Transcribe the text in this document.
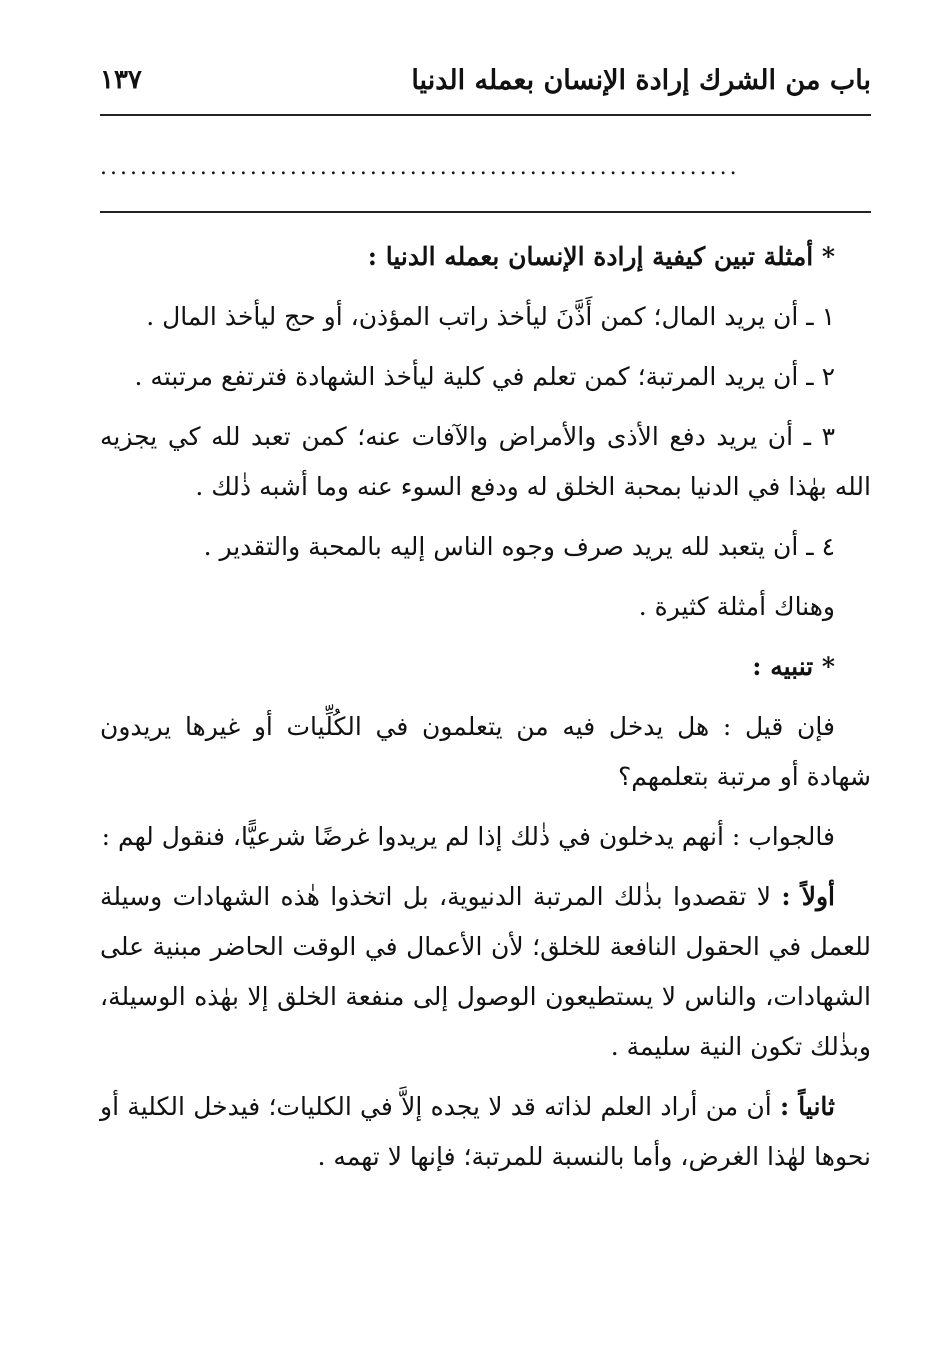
باب من الشرك إرادة الإنسان بعمله الدنيا
١٣٧
................................................................

* أمثلة تبين كيفية إرادة الإنسان بعمله الدنيا :

١ ـ أن يريد المال؛ كمن أَذَّنَ ليأخذ راتب المؤذن، أو حج ليأخذ المال .

٢ ـ أن يريد المرتبة؛ كمن تعلم في كلية ليأخذ الشهادة فترتفع مرتبته .

٣ ـ أن يريد دفع الأذى والأمراض والآفات عنه؛ كمن تعبد لله كي يجزيه الله بهٰذا في الدنيا بمحبة الخلق له ودفع السوء عنه وما أشبه ذٰلك .

٤ ـ أن يتعبد لله يريد صرف وجوه الناس إليه بالمحبة والتقدير .

وهناك أمثلة كثيرة .

* تنبيه :

فإن قيل : هل يدخل فيه من يتعلمون في الكُلِّيات أو غيرها يريدون شهادة أو مرتبة بتعلمهم؟

فالجواب : أنهم يدخلون في ذٰلك إذا لم يريدوا غرضًا شرعيًّا، فنقول لهم :

أولاً : لا تقصدوا بذٰلك المرتبة الدنيوية، بل اتخذوا هٰذه الشهادات وسيلة للعمل في الحقول النافعة للخلق؛ لأن الأعمال في الوقت الحاضر مبنية على الشهادات، والناس لا يستطيعون الوصول إلى منفعة الخلق إلا بهٰذه الوسيلة، وبذٰلك تكون النية سليمة .

ثانياً : أن من أراد العلم لذاته قد لا يجده إلاَّ في الكليات؛ فيدخل الكلية أو نحوها لهٰذا الغرض، وأما بالنسبة للمرتبة؛ فإنها لا تهمه .
